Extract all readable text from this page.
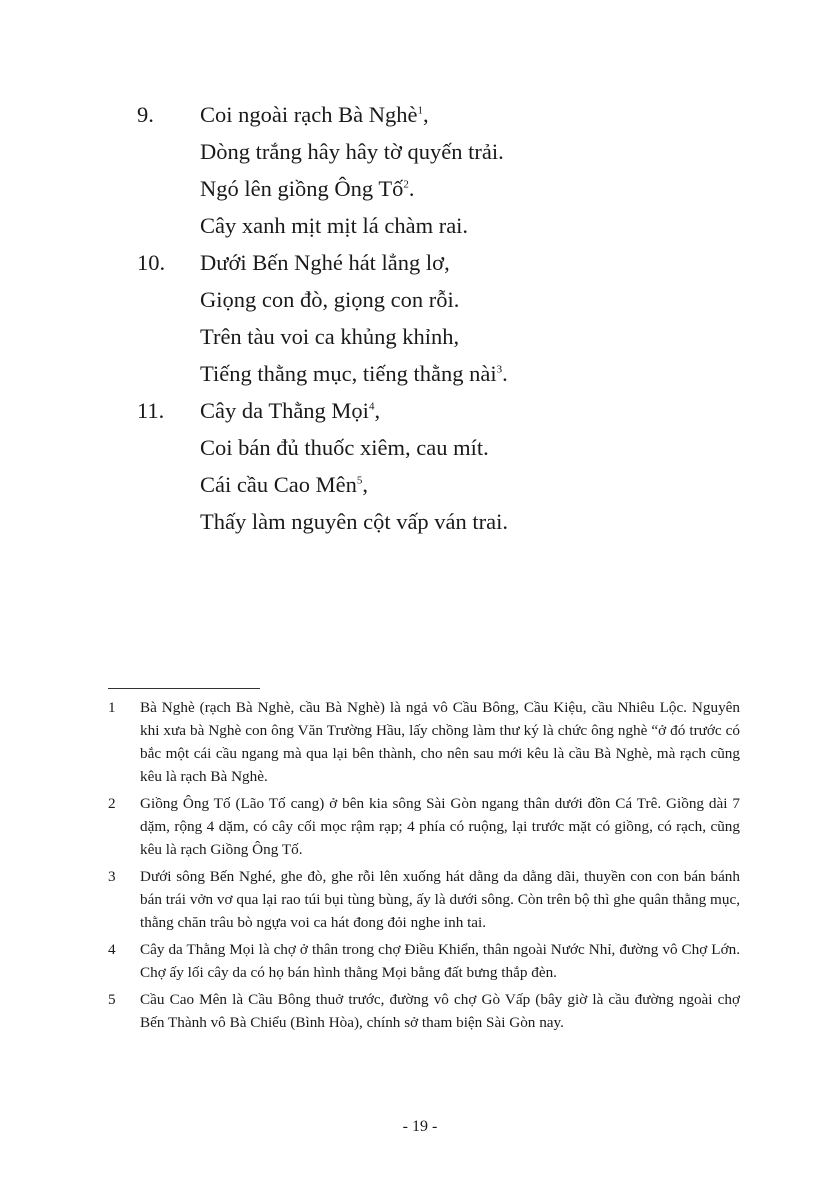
9. Coi ngoài rạch Bà Nghè$^1$,
Dòng trắng hây hây tờ quyến trải.
Ngó lên giồng Ông Tố$^2$.
Cây xanh mịt mịt lá chàm rai.
10. Dưới Bến Nghé hát lẳng lơ,
Giọng con đò, giọng con rỗi.
Trên tàu voi ca khủng khỉnh,
Tiếng thằng mục, tiếng thằng nài$^3$.
11. Cây da Thằng Mọi$^4$,
Coi bán đủ thuốc xiêm, cau mít.
Cái cầu Cao Mên$^5$,
Thấy làm nguyên cột vấp ván trai.
1 Bà Nghè (rạch Bà Nghè, cầu Bà Nghè) là ngả vô Cầu Bông, Cầu Kiệu, cầu Nhiêu Lộc. Nguyên khi xưa bà Nghè con ông Văn Trường Hầu, lấy chồng làm thư ký là chức ông nghè “ở đó trước có bắc một cái cầu ngang mà qua lại bên thành, cho nên sau mới kêu là cầu Bà Nghè, mà rạch cũng kêu là rạch Bà Nghè.
2 Giồng Ông Tố (Lão Tố cang) ở bên kia sông Sài Gòn ngang thân dưới đồn Cá Trê. Giồng dài 7 dặm, rộng 4 dặm, có cây cối mọc rậm rạp; 4 phía có ruộng, lại trước mặt có giồng, có rạch, cũng kêu là rạch Giồng Ông Tố.
3 Dưới sông Bến Nghé, ghe đò, ghe rỗi lên xuống hát dằng da dằng dãi, thuyền con con bán bánh bán trái vởn vơ qua lại rao túi bụi tùng bùng, ấy là dưới sông. Còn trên bộ thì ghe quân thằng mục, thằng chăn trâu bò ngựa voi ca hát đong đỏi nghe inh tai.
4 Cây da Thằng Mọi là chợ ở thân trong chợ Điều Khiển, thân ngoài Nước Nhỉ, đường vô Chợ Lớn. Chợ ấy lối cây da có họ bán hình thằng Mọi bằng đất bưng thắp đèn.
5 Cầu Cao Mên là Cầu Bông thuở trước, đường vô chợ Gò Vấp (bây giờ là cầu đường ngoài chợ Bến Thành vô Bà Chiểu (Bình Hòa), chính sở tham biện Sài Gòn nay.
- 19 -
